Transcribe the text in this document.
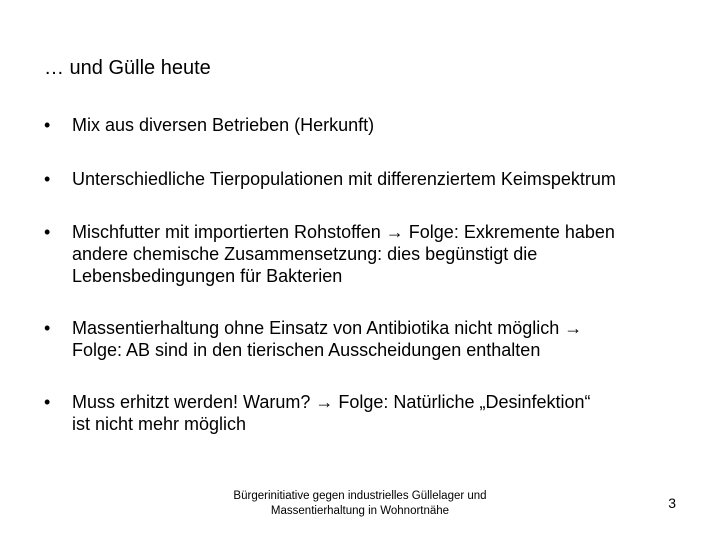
… und Gülle heute
•	Mix aus diversen Betrieben (Herkunft)
•	Unterschiedliche Tierpopulationen mit differenziertem Keimspektrum
•	Mischfutter mit importierten Rohstoffen → Folge: Exkremente haben
andere chemische Zusammensetzung: dies begünstigt die
Lebensbedingungen für Bakterien
•	Massentierhaltung ohne Einsatz von Antibiotika nicht möglich →
Folge: AB sind in den tierischen Ausscheidungen enthalten
•	Muss erhitzt werden! Warum? → Folge: Natürliche „Desinfektion“
ist nicht mehr möglich
Bürgerinitiative gegen industrielles Güllelager und
Massentierhaltung in Wohnortnähe	3
